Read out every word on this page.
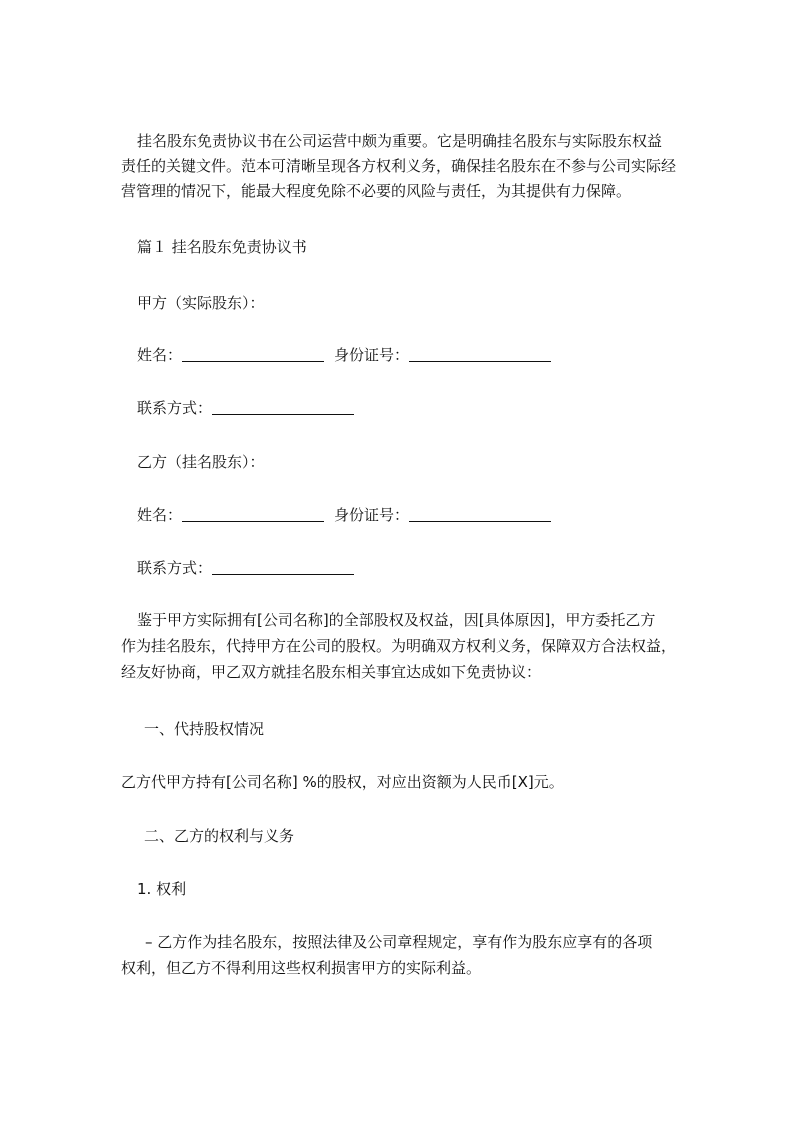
挂名股东免责协议书在公司运营中颇为重要。它是明确挂名股东与实际股东权益
责任的关键文件。范本可清晰呈现各方权利义务，确保挂名股东在不参与公司实际经
营管理的情况下，能最大程度免除不必要的风险与责任，为其提供有力保障。
篇１ 挂名股东免责协议书
甲方（实际股东）：
姓名：	身份证号：
联系方式：
乙方（挂名股东）：
姓名：	身份证号：
联系方式：
鉴于甲方实际拥有[公司名称]的全部股权及权益，因[具体原因]，甲方委托乙方
作为挂名股东，代持甲方在公司的股权。为明确双方权利义务，保障双方合法权益，
经友好协商，甲乙双方就挂名股东相关事宜达成如下免责协议：
一、代持股权情况
乙方代甲方持有[公司名称] %的股权，对应出资额为人民币[X]元。
二、乙方的权利与义务
1. 权利
– 乙方作为挂名股东，按照法律及公司章程规定，享有作为股东应享有的各项
权利，但乙方不得利用这些权利损害甲方的实际利益。
